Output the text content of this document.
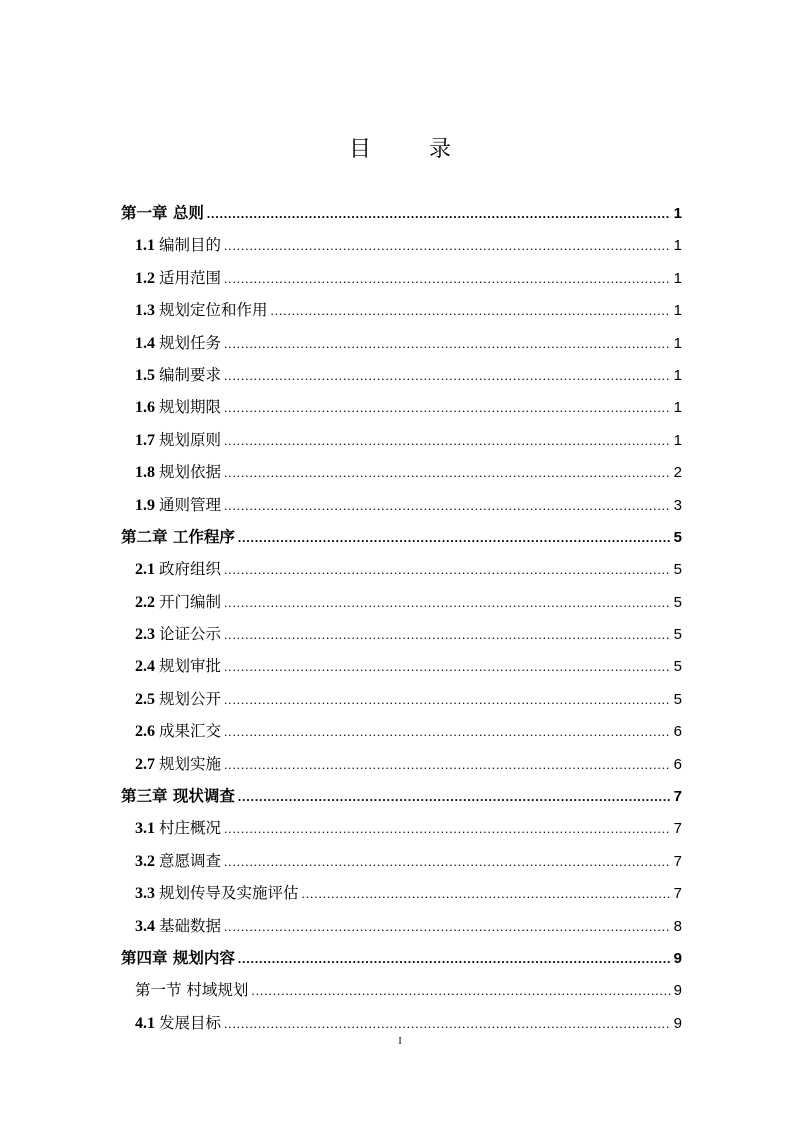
目　录
第一章 总则 .....	1
1.1 编制目的 .....	1
1.2 适用范围 .....	1
1.3 规划定位和作用 .....	1
1.4 规划任务 .....	1
1.5 编制要求 .....	1
1.6 规划期限 .....	1
1.7 规划原则 .....	1
1.8 规划依据 .....	2
1.9 通则管理 .....	3
第二章 工作程序 .....	5
2.1 政府组织 .....	5
2.2 开门编制 .....	5
2.3 论证公示 .....	5
2.4 规划审批 .....	5
2.5 规划公开 .....	5
2.6 成果汇交 .....	6
2.7 规划实施 .....	6
第三章 现状调查 .....	7
3.1 村庄概况 .....	7
3.2 意愿调查 .....	7
3.3 规划传导及实施评估 .....	7
3.4 基础数据 .....	8
第四章 规划内容 .....	9
第一节 村域规划 .....	9
4.1 发展目标 .....	9
I
